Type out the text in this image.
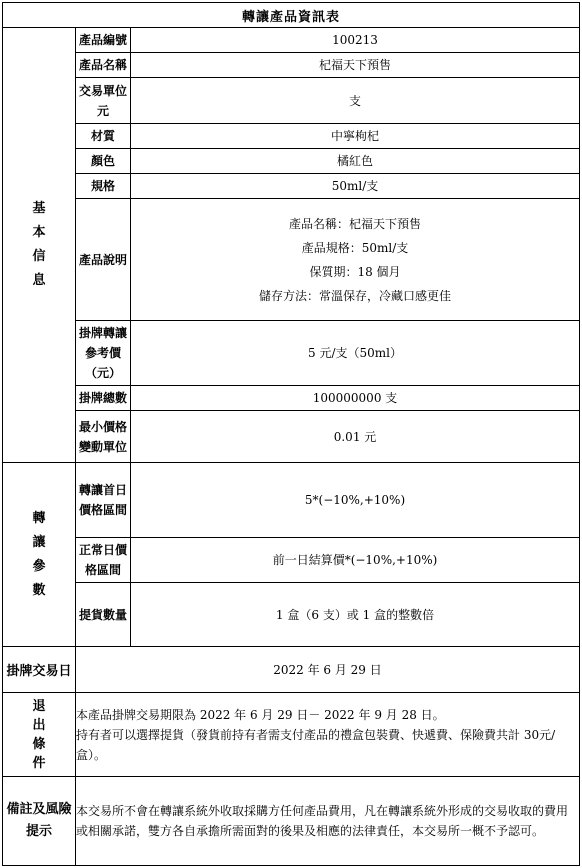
轉讓產品資訊表		

基
本
信
息	產品編號	100213
	產品名稱	杞福天下預售
	交易單位元	支
	材質	中寧枸杞
	顏色	橘紅色
	規格	50ml/支
	產品說明	產品名稱：杞福天下預售
產品規格：50ml/支
保質期：18 個月
儲存方法：常溫保存，冷藏口感更佳

	掛牌轉讓參考價（元）	5 元/支（50ml）
	掛牌總數	100000000 支
	最小價格變動單位	0.01 元

轉
讓
參
數	轉讓首日價格區間	5*(−10%,+10%)
	正常日價格區間	前一日結算價*(−10%,+10%)
	提貨數量	1 盒（6 支）或 1 盒的整數倍
掛牌交易日	2022 年 6 月 29 日	

退
出
條
件	本產品掛牌交易期限為 2022 年 6 月 29 日－ 2022 年 9 月 28 日。
持有者可以選擇提貨（發貨前持有者需支付產品的禮盒包裝費、快遞費、保險費共計 30元/盒）。	

備註及風險提示	本交易所不會在轉讓系統外收取採購方任何產品費用，凡在轉讓系統外形成的交易收取的費用或相關承諾，雙方各自承擔所需面對的後果及相應的法律責任，本交易所一概不予認可。	
